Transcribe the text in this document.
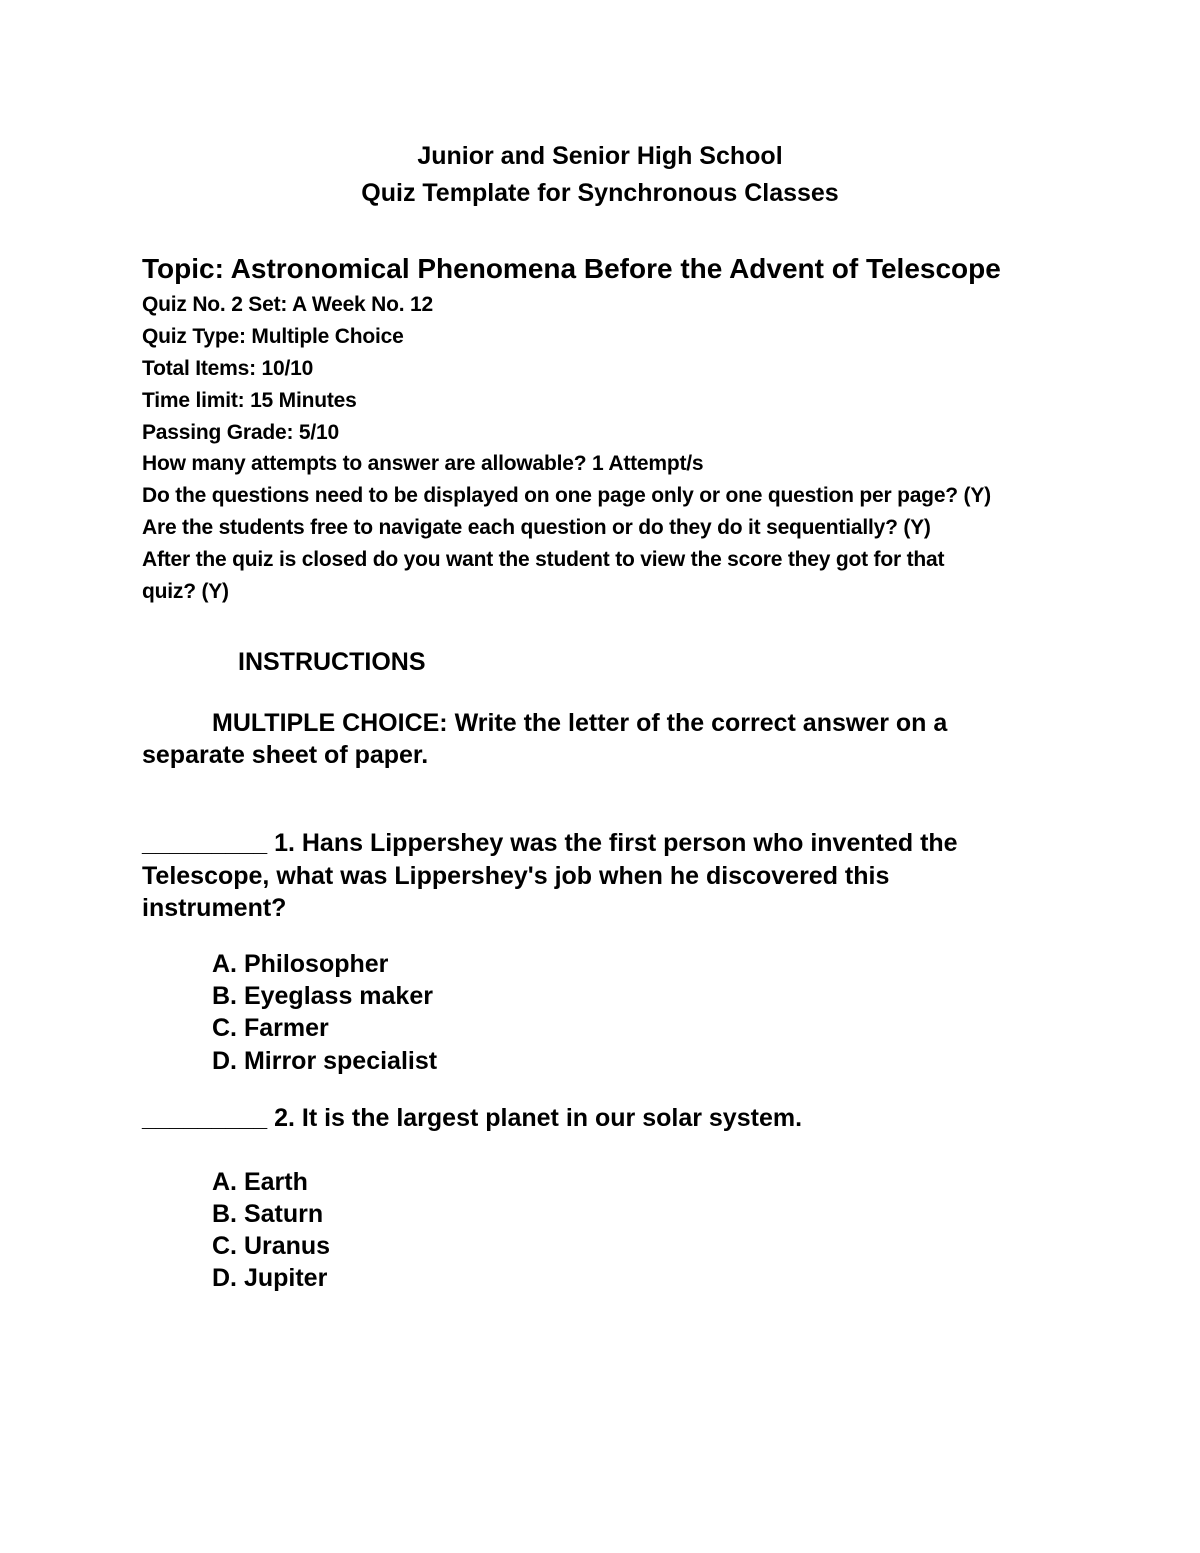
Junior and Senior High School
Quiz Template for Synchronous Classes
Topic: Astronomical Phenomena Before the Advent of Telescope
Quiz No. 2 Set: A Week No. 12
Quiz Type: Multiple Choice
Total Items: 10/10
Time limit: 15 Minutes
Passing Grade: 5/10
How many attempts to answer are allowable? 1 Attempt/s
Do the questions need to be displayed on one page only or one question per page? (Y)
Are the students free to navigate each question or do they do it sequentially? (Y)
After the quiz is closed do you want the student to view the score they got for that
quiz? (Y)
INSTRUCTIONS
MULTIPLE CHOICE: Write the letter of the correct answer on a
separate sheet of paper.
_________ 1. Hans Lippershey was the first person who invented the
Telescope, what was Lippershey's job when he discovered this
instrument?
A. Philosopher
B. Eyeglass maker
C. Farmer
D. Mirror specialist
_________ 2. It is the largest planet in our solar system.
A. Earth
B. Saturn
C. Uranus
D. Jupiter
